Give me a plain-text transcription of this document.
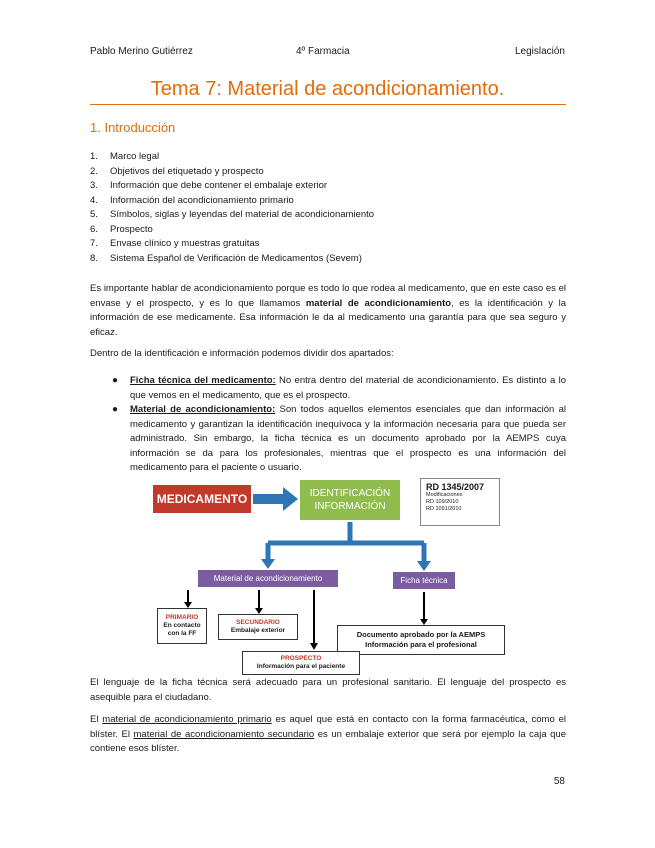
Pablo Merino Gutiérrez	4º Farmacia	Legislación
Tema 7: Material de acondicionamiento.
1. Introducción
1. Marco legal
2. Objetivos del etiquetado y prospecto
3. Información que debe contener el embalaje exterior
4. Información del acondicionamiento primario
5. Símbolos, siglas y leyendas del material de acondicionamiento
6. Prospecto
7. Envase clínico y muestras gratuitas
8. Sistema Español de Verificación de Medicamentos (Sevem)

Es importante hablar de acondicionamiento porque es todo lo que rodea al medicamento, que en este caso es el envase y el prospecto, y es lo que llamamos material de acondicionamiento, es la identificación y la información de ese medicamente. Esa información le da al medicamento una garantía para que sea seguro y eficaz.

Dentro de la identificación e información podemos dividir dos apartados:

● Ficha técnica del medicamento: No entra dentro del material de acondicionamiento. Es distinto a lo que vemos en el medicamento, que es el prospecto.
● Material de acondicionamiento: Son todos aquellos elementos esenciales que dan información al medicamento y garantizan la identificación inequívoca y la información necesaria para que pueda ser administrado. Sin embargo, la ficha técnica es un documento aprobado por la AEMPS cuya información se da para los profesionales, mientras que el prospecto es una información del medicamento para el paciente o usuario.
MEDICAMENTO	IDENTIFICACIÓN
INFORMACIÓN
RD 1345/2007
Modificaciones
RD 109/2010
RD 1091/2010
Material de acondicionamiento	Ficha técnica
PRIMARIO
En contacto
con la FF
SECUNDARIO
Embalaje exterior	Documento aprobado por la AEMPS
Información para el profesional
PROSPECTO
Información para el paciente

El lenguaje de la ficha técnica será adecuado para un profesional sanitario. El lenguaje del prospecto es asequible para el ciudadano.

El material de acondicionamiento primario es aquel que está en contacto con la forma farmacéutica, como el blíster. El material de acondicionamiento secundario es un embalaje exterior que será por ejemplo la caja que contiene esos blíster.

58
